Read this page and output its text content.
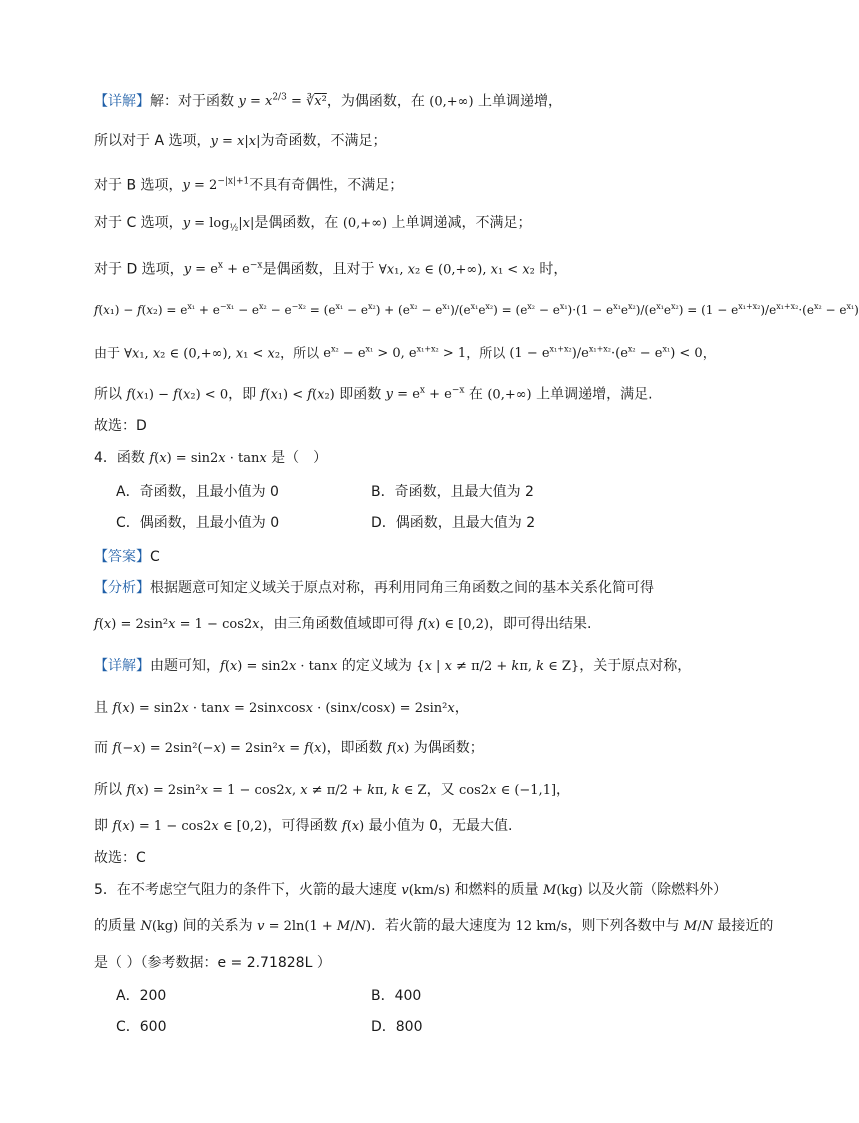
【详解】解：对于函数 $y = x^{2/3}$ = ∛x²，为偶函数，在 (0,+∞) 上单调递增，
所以对于 A 选项，y = x|x|为奇函数，不满足；
对于 B 选项，$y = 2^{-|x|+1}$不具有奇偶性，不满足；
对于 C 选项，$y = \log_{\frac{1}{2}}|x|$是偶函数，在 (0,+∞) 上单调递减，不满足；
对于 D 选项，$y = e^x + e^{-x}$是偶函数，且对于 ∀x₁, x₂ ∈ (0,+∞), x₁ < x₂ 时，
$f(x_1) - f(x_2) = e^{x_1} + e^{-x_1} - e^{x_2} - e^{-x_2} = (e^{x_1} - e^{x_2}) + (e^{x_2} - e^{x_1})/(e^{x_1}e^{x_2}) = (e^{x_2} - e^{x_1})\cdot(1 - e^{x_1}e^{x_2})/(e^{x_1}e^{x_2}) = (1 - e^{x_1+x_2})/e^{x_1+x_2}\cdot(e^{x_2} - e^{x_1})$
由于 ∀x₁, x₂ ∈ (0,+∞), x₁ < x₂，所以 $e^{x_2} - e^{x_1} > 0$, $e^{x_1+x_2} > 1$，所以 $(1 - e^{x_1+x_2})/e^{x_1+x_2}\cdot(e^{x_2} - e^{x_1}) < 0$，
所以 f(x₁) − f(x₂) < 0，即 f(x₁) < f(x₂) 即函数 $y = e^x + e^{-x}$ 在 (0,+∞) 上单调递增，满足.
故选：D
4．函数 f(x) = sin2x · tanx 是（　）
A．奇函数，且最小值为 0	B．奇函数，且最大值为 2
C．偶函数，且最小值为 0	D．偶函数，且最大值为 2
【答案】C
【分析】根据题意可知定义域关于原点对称，再利用同角三角函数之间的基本关系化简可得
f(x) = 2sin²x = 1 − cos2x，由三角函数值域即可得 f(x) ∈ [0,2)，即可得出结果.
【详解】由题可知，f(x) = sin2x · tanx 的定义域为 {x | x ≠ π/2 + kπ, k ∈ Z}，关于原点对称，
且 f(x) = sin2x · tanx = 2sinxcosx · (sinx/cosx) = 2sin²x，
而 f(−x) = 2sin²(−x) = 2sin²x = f(x)，即函数 f(x) 为偶函数；
所以 f(x) = 2sin²x = 1 − cos2x, x ≠ π/2 + kπ, k ∈ Z，又 cos2x ∈ (−1,1]，
即 f(x) = 1 − cos2x ∈ [0,2)，可得函数 f(x) 最小值为 0，无最大值.
故选：C
5．在不考虑空气阻力的条件下，火箭的最大速度 v(km/s) 和燃料的质量 M(kg) 以及火箭（除燃料外）
的质量 N(kg) 间的关系为 v = 2ln(1 + M/N)．若火箭的最大速度为 12 km/s，则下列各数中与 M/N 最接近的
是（ ）（参考数据：e = 2.71828L ）
A．200	B．400
C．600	D．800
